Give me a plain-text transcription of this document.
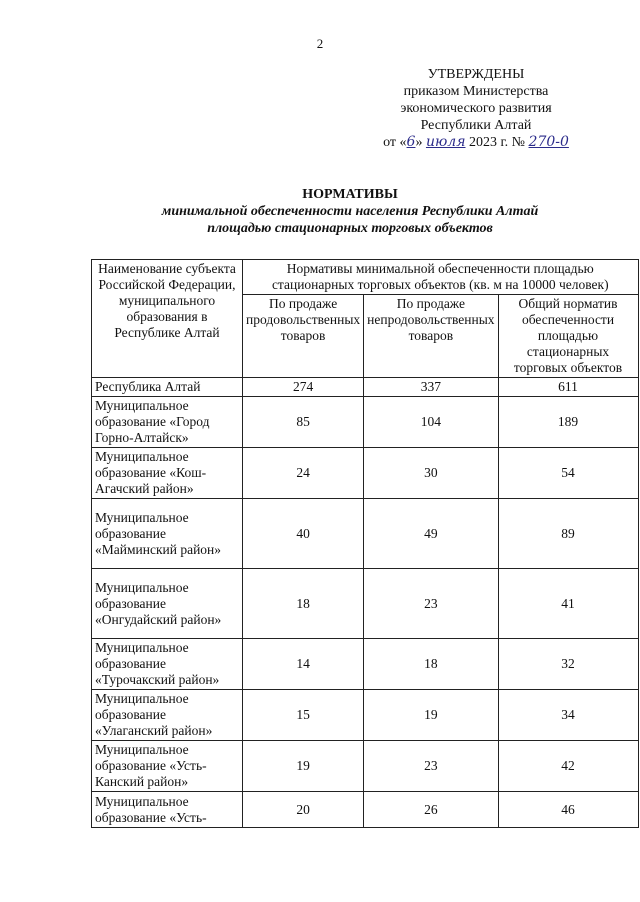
2
УТВЕРЖДЕНЫ
приказом Министерства
экономического развития
Республики Алтай
от «6» июля 2023 г. № 270-0
НОРМАТИВЫ
минимальной обеспеченности населения Республики Алтай
площадью стационарных торговых объектов
Наименование субъекта Российской Федерации, муниципального образования в Республике Алтай	Нормативы минимальной обеспеченности площадью стационарных торговых объектов (кв. м на 10000 человек)		
	По продаже продовольственных товаров	По продаже непродовольственных товаров	Общий норматив обеспеченности площадью стационарных торговых объектов
Республика Алтай	274	337	611
Муниципальное образование «Город Горно-Алтайск»	85	104	189
Муниципальное образование «Кош-Агачский район»	24	30	54
Муниципальное образование «Майминский район»	40	49	89
Муниципальное образование «Онгудайский район»	18	23	41
Муниципальное образование «Турочакский район»	14	18	32
Муниципальное образование «Улаганский район»	15	19	34
Муниципальное образование «Усть-Канский район»	19	23	42
Муниципальное образование «Усть-	20	26	46
